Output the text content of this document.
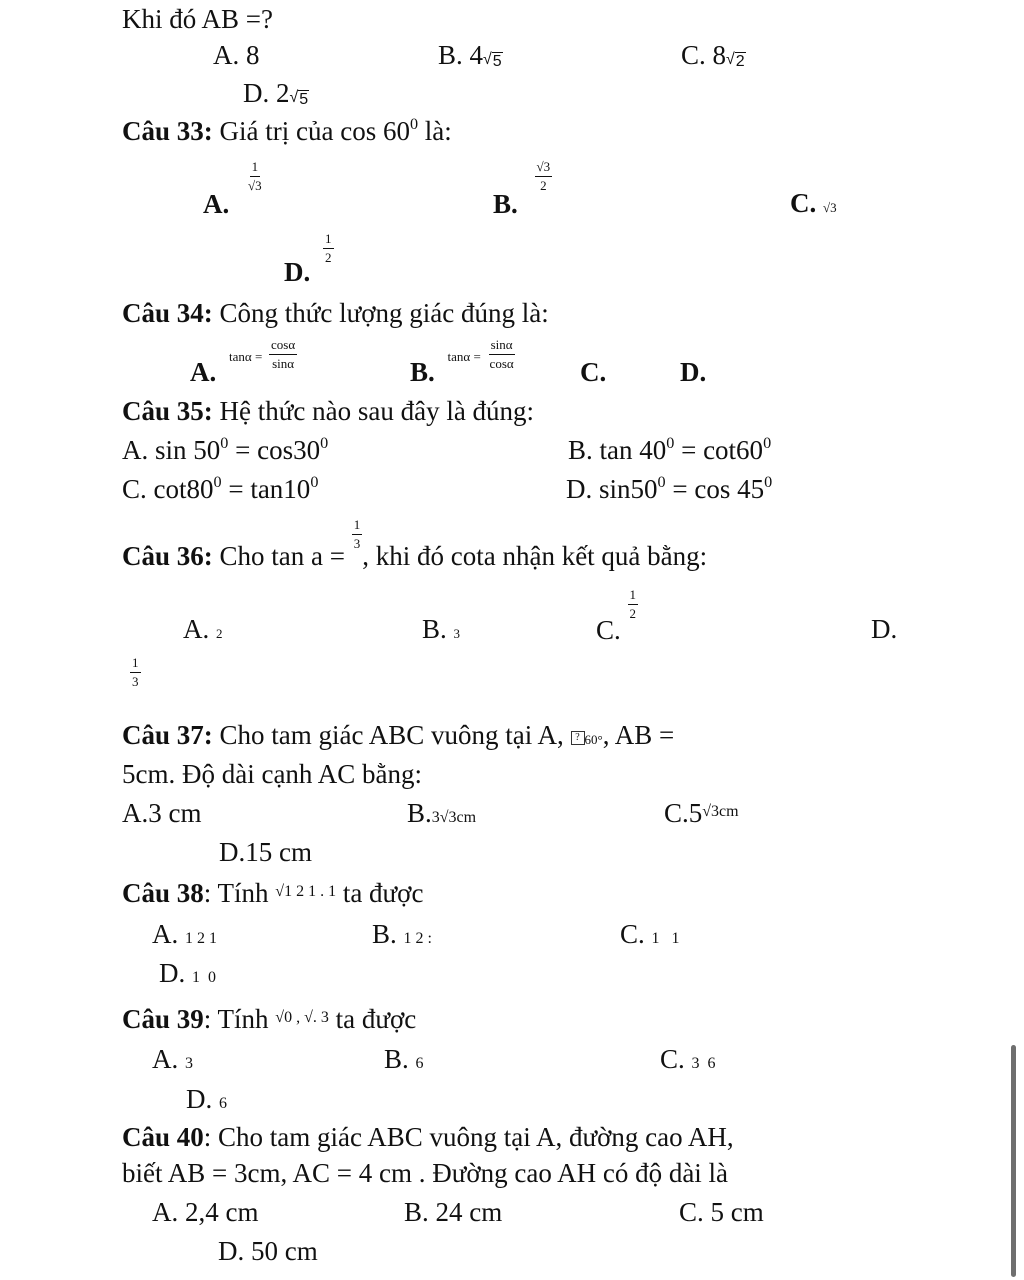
Khi đó AB =?
A. 8	B. 4√ 5	C. 8√ 2
D. 2√ 5
Câu 33: Giá trị của $\cos 60^0$ là:
A.
$\frac{1}{√3}$
B.
$\frac{√3}{2}$
C. √3
D.
$\frac{1}{2}$
Câu 34: Công thức lượng giác đúng là:
A. $\tan\alpha = \frac{\cos\alpha}{\sin\alpha}$
B. $\tan\alpha = \frac{\sin\alpha}{\cos\alpha}$
C.	D.
Câu 35: Hệ thức nào sau đây là đúng:
A. $\sin 50^0 = \cos 30^0$	B. $\tan 40^0 = \cot 60^0$
C. $\cot 80^0 = \tan 10^0$	D. $\sin 50^0 = \cos 45^0$
Câu 36: Cho tan a =
$\frac{1}{3}$
, khi đó cota nhận kết quả bằng:
A. 2	B. 3	C.
$\frac{1}{2}$
D.
$\frac{1}{3}$
Câu 37: Cho tam giác ABC vuông tại A, ? 60°, AB =
5cm. Độ dài cạnh AC bằng:
A.3 cm	B.3√3cm	$C.5^{√3cm}$
D.15 cm
Câu 38: Tính $^{√1 2 1 . 1}$ ta được
A. 1 2 1	B. 1 2 :	C. 1   1
D. 1  0
Câu 39: Tính $^{√0 , √. 3}$ ta được
A. 3	B. 6	C. 3  6
D. 6
Câu 40: Cho tam giác ABC vuông tại A, đường cao AH,
biết AB = 3cm, AC = 4 cm . Đường cao AH có độ dài là
A. 2,4 cm	B. 24 cm	C. 5 cm
D. 50 cm
